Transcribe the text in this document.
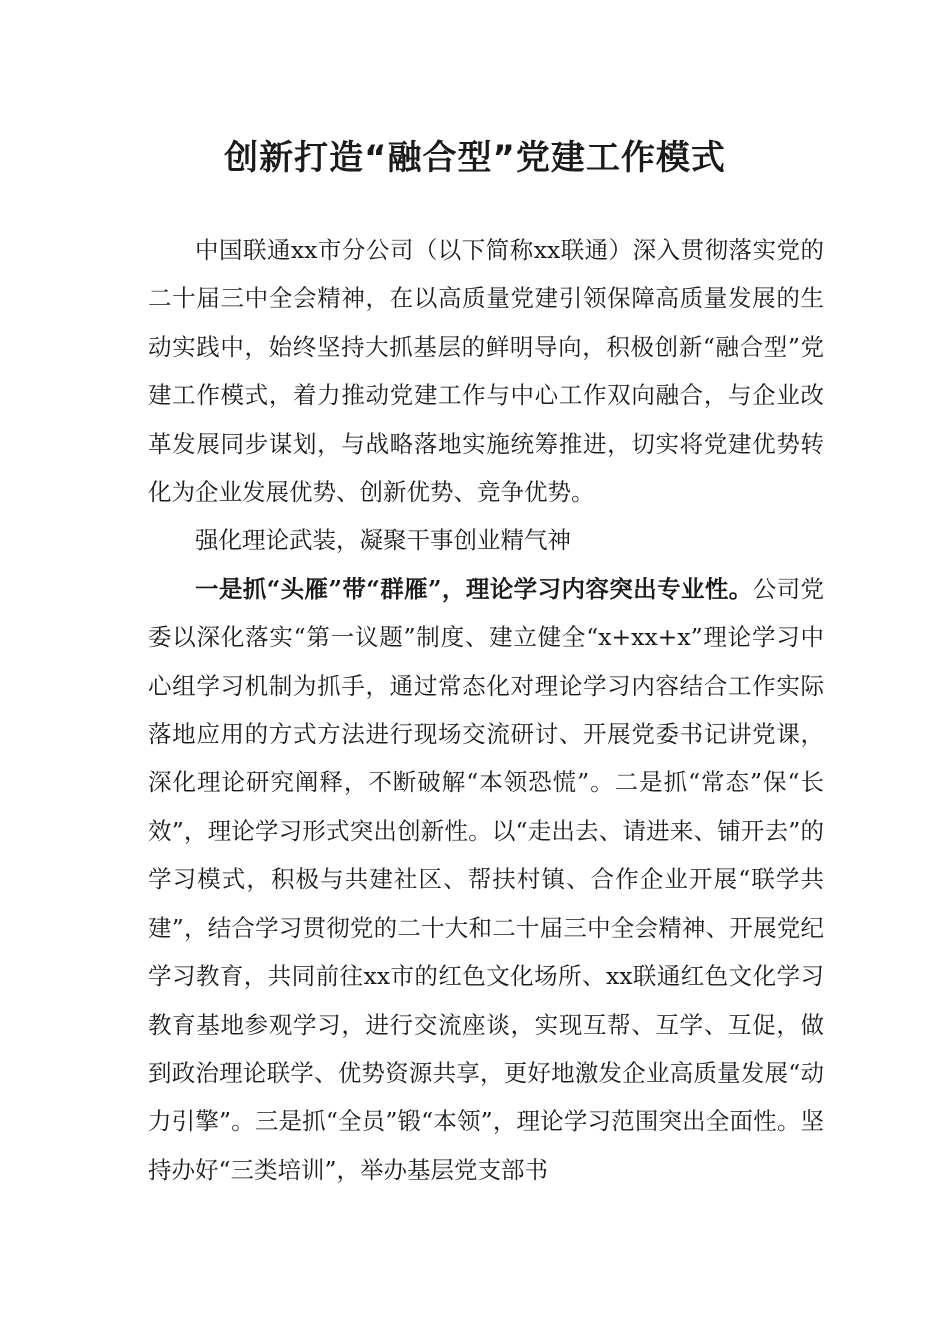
创新打造“融合型”党建工作模式

中国联通xx市分公司（以下简称xx联通）深入贯彻落实党的二十届三中全会精神，在以高质量党建引领保障高质量发展的生动实践中，始终坚持大抓基层的鲜明导向，积极创新“融合型”党建工作模式，着力推动党建工作与中心工作双向融合，与企业改革发展同步谋划，与战略落地实施统筹推进，切实将党建优势转化为企业发展优势、创新优势、竞争优势。

强化理论武装，凝聚干事创业精气神

一是抓“头雁”带“群雁”，理论学习内容突出专业性。公司党委以深化落实“第一议题”制度、建立健全“x+xx+x”理论学习中心组学习机制为抓手，通过常态化对理论学习内容结合工作实际落地应用的方式方法进行现场交流研讨、开展党委书记讲党课，深化理论研究阐释，不断破解“本领恐慌”。二是抓“常态”保“长效”，理论学习形式突出创新性。以“走出去、请进来、铺开去”的学习模式，积极与共建社区、帮扶村镇、合作企业开展“联学共建”，结合学习贯彻党的二十大和二十届三中全会精神、开展党纪学习教育，共同前往xx市的红色文化场所、xx联通红色文化学习教育基地参观学习，进行交流座谈，实现互帮、互学、互促，做到政治理论联学、优势资源共享，更好地激发企业高质量发展“动力引擎”。三是抓“全员”锻“本领”，理论学习范围突出全面性。坚持办好“三类培训”，举办基层党支部书
